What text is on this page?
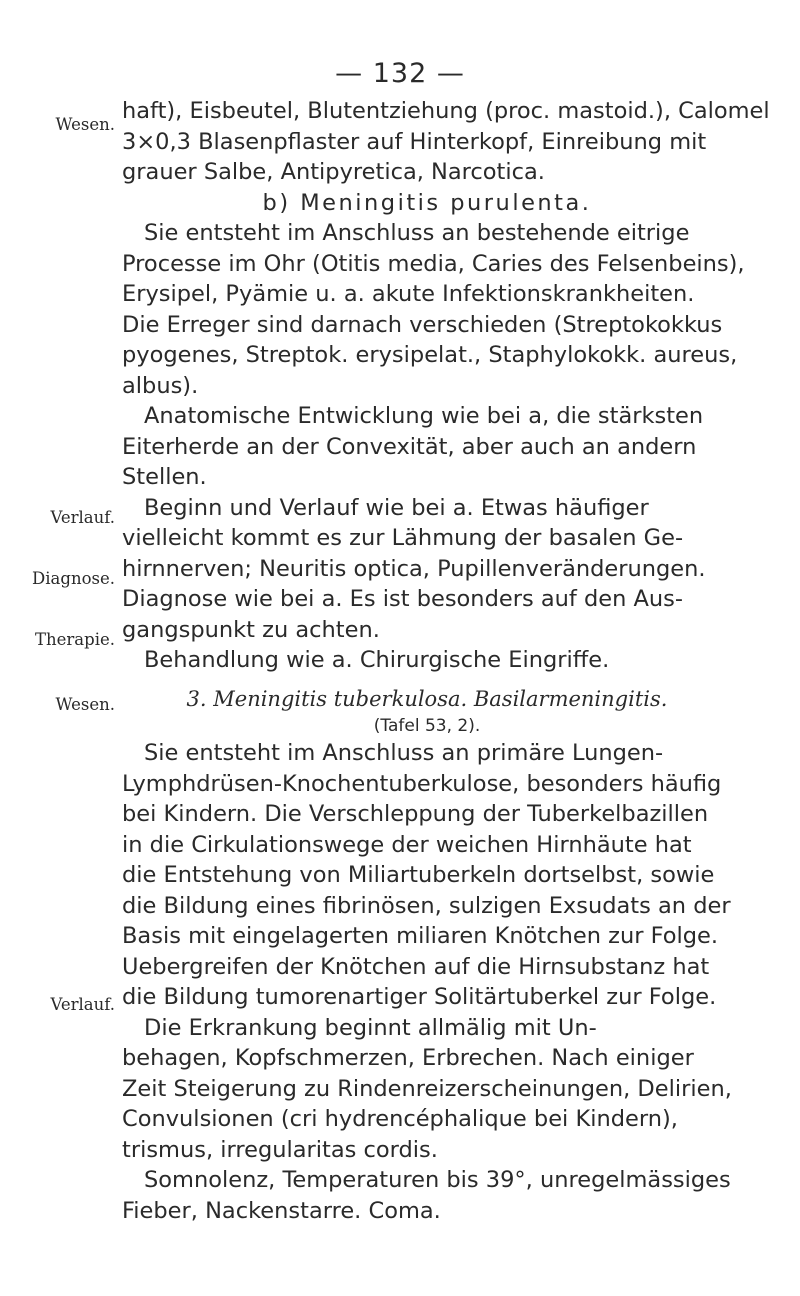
— 132 —
Wesen.
Verlauf.
Diagnose.
Therapie.
Wesen.
Verlauf.
haft), Eisbeutel, Blutentziehung (proc. mastoid.), Calomel
3×0,3 Blasenpflaster auf Hinterkopf, Einreibung mit
grauer Salbe, Antipyretica, Narcotica.
b) Meningitis purulenta.
Sie entsteht im Anschluss an bestehende eitrige
Processe im Ohr (Otitis media, Caries des Felsenbeins),
Erysipel, Pyämie u. a. akute Infektionskrankheiten.
Die Erreger sind darnach verschieden (Streptokokkus
pyogenes, Streptok. erysipelat., Staphylokokk. aureus,
albus).
Anatomische Entwicklung wie bei a, die stärksten
Eiterherde an der Convexität, aber auch an andern
Stellen.
Beginn und Verlauf wie bei a. Etwas häufiger
vielleicht kommt es zur Lähmung der basalen Ge-
hirnnerven; Neuritis optica, Pupillenveränderungen.
Diagnose wie bei a. Es ist besonders auf den Aus-
gangspunkt zu achten.
Behandlung wie a. Chirurgische Eingriffe.
3. Meningitis tuberkulosa. Basilarmeningitis.
(Tafel 53, 2).
Sie entsteht im Anschluss an primäre Lungen-
Lymphdrüsen-Knochentuberkulose, besonders häufig
bei Kindern. Die Verschleppung der Tuberkelbazillen
in die Cirkulationswege der weichen Hirnhäute hat
die Entstehung von Miliartuberkeln dortselbst, sowie
die Bildung eines fibrinösen, sulzigen Exsudats an der
Basis mit eingelagerten miliaren Knötchen zur Folge.
Uebergreifen der Knötchen auf die Hirnsubstanz hat
die Bildung tumorenartiger Solitärtuberkel zur Folge.
Die Erkrankung beginnt allmälig mit Un-
behagen, Kopfschmerzen, Erbrechen. Nach einiger
Zeit Steigerung zu Rindenreizerscheinungen, Delirien,
Convulsionen (cri hydrencéphalique bei Kindern),
trismus, irregularitas cordis.
Somnolenz, Temperaturen bis 39°, unregelmässiges
Fieber, Nackenstarre. Coma.
